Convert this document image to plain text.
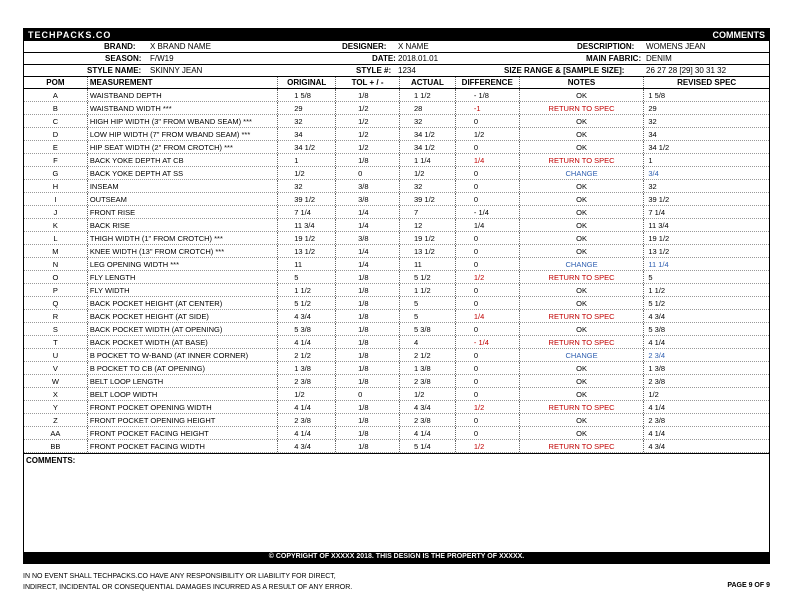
TECHPACKS.CO	COMMENTS
BRAND: X BRAND NAME	DESIGNER: X NAME	DESCRIPTION: WOMENS JEAN
SEASON: F/W19	DATE: 2018.01.01	MAIN FABRIC: DENIM
STYLE NAME: SKINNY JEAN	STYLE #: 1234	SIZE RANGE & [SAMPLE SIZE]:	26 27 28 [29] 30 31 32
POM	MEASUREMENT	ORIGINAL	TOL + / -	ACTUAL	DIFFERENCE	NOTES	REVISED SPEC
A	WAISTBAND DEPTH	1 5/8	1/8	1 1/2	- 1/8	OK	1 5/8
B	WAISTBAND WIDTH ***	29	1/2	28	-1	RETURN TO SPEC	29
C	HIGH HIP WIDTH (3" FROM WBAND SEAM) ***	32	1/2	32	0	OK	32
D	LOW HIP WIDTH (7" FROM WBAND SEAM) ***	34	1/2	34 1/2	1/2	OK	34
E	HIP SEAT WIDTH (2" FROM CROTCH) ***	34 1/2	1/2	34 1/2	0	OK	34 1/2
F	BACK YOKE DEPTH AT CB	1	1/8	1 1/4	1/4	RETURN TO SPEC	1
G	BACK YOKE DEPTH AT SS	1/2	0	1/2	0	CHANGE	3/4
H	INSEAM	32	3/8	32	0	OK	32
I	OUTSEAM	39 1/2	3/8	39 1/2	0	OK	39 1/2
J	FRONT RISE	7 1/4	1/4	7	- 1/4	OK	7 1/4
K	BACK RISE	11 3/4	1/4	12	1/4	OK	11 3/4
L	THIGH WIDTH (1" FROM CROTCH) ***	19 1/2	3/8	19 1/2	0	OK	19 1/2
M	KNEE WIDTH (13" FROM CROTCH) ***	13 1/2	1/4	13 1/2	0	OK	13 1/2
N	LEG OPENING WIDTH ***	11	1/4	11	0	CHANGE	11 1/4
O	FLY LENGTH	5	1/8	5 1/2	1/2	RETURN TO SPEC	5
P	FLY WIDTH	1 1/2	1/8	1 1/2	0	OK	1 1/2
Q	BACK POCKET HEIGHT (AT CENTER)	5 1/2	1/8	5	0	OK	5 1/2
R	BACK POCKET HEIGHT (AT SIDE)	4 3/4	1/8	5	1/4	RETURN TO SPEC	4 3/4
S	BACK POCKET WIDTH (AT OPENING)	5 3/8	1/8	5 3/8	0	OK	5 3/8
T	BACK POCKET WIDTH (AT BASE)	4 1/4	1/8	4	- 1/4	RETURN TO SPEC	4 1/4
U	B POCKET TO W-BAND (AT INNER CORNER)	2 1/2	1/8	2 1/2	0	CHANGE	2 3/4
V	B POCKET TO CB (AT OPENING)	1 3/8	1/8	1 3/8	0	OK	1 3/8
W	BELT LOOP LENGTH	2 3/8	1/8	2 3/8	0	OK	2 3/8
X	BELT LOOP WIDTH	1/2	0	1/2	0	OK	1/2
Y	FRONT POCKET OPENING WIDTH	4 1/4	1/8	4 3/4	1/2	RETURN TO SPEC	4 1/4
Z	FRONT POCKET OPENING HEIGHT	2 3/8	1/8	2 3/8	0	OK	2 3/8
AA	FRONT POCKET FACING HEIGHT	4 1/4	1/8	4 1/4	0	OK	4 1/4
BB	FRONT POCKET FACING WIDTH	4 3/4	1/8	5 1/4	1/2	RETURN TO SPEC	4 3/4
COMMENTS:
© COPYRIGHT OF XXXXX 2018. THIS DESIGN IS THE PROPERTY OF XXXXX.
IN NO EVENT SHALL TECHPACKS.CO HAVE ANY RESPONSIBILITY OR LIABILITY FOR DIRECT,
INDIRECT, INCIDENTAL OR CONSEQUENTIAL DAMAGES INCURRED AS A RESULT OF ANY ERROR.	PAGE 9 OF 9
